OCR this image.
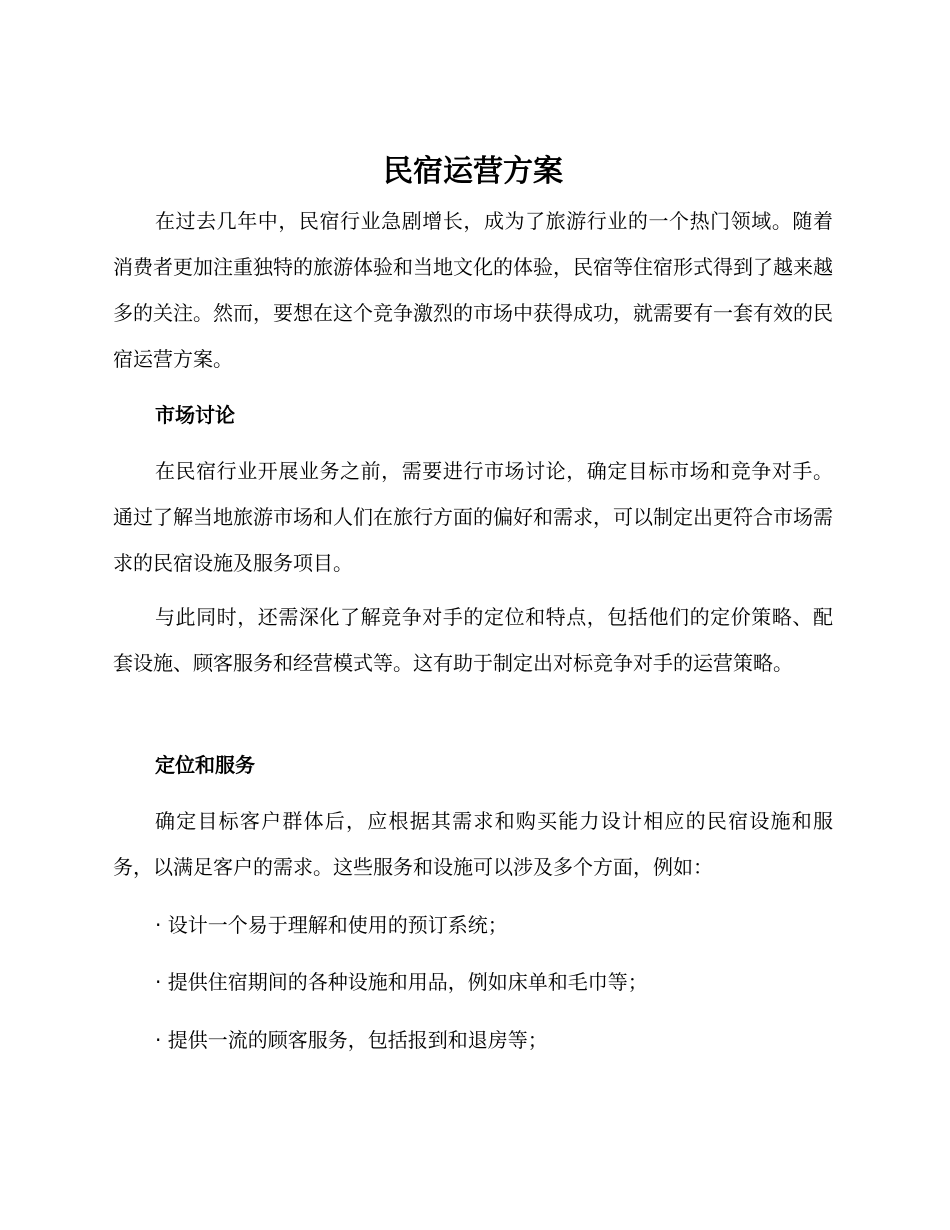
民宿运营方案

在过去几年中，民宿行业急剧增长，成为了旅游行业的一个热门领域。随着消费者更加注重独特的旅游体验和当地文化的体验，民宿等住宿形式得到了越来越多的关注。然而，要想在这个竞争激烈的市场中获得成功，就需要有一套有效的民宿运营方案。

市场讨论

在民宿行业开展业务之前，需要进行市场讨论，确定目标市场和竞争对手。通过了解当地旅游市场和人们在旅行方面的偏好和需求，可以制定出更符合市场需求的民宿设施及服务项目。

与此同时，还需深化了解竞争对手的定位和特点，包括他们的定价策略、配套设施、顾客服务和经营模式等。这有助于制定出对标竞争对手的运营策略。

定位和服务

确定目标客户群体后，应根据其需求和购买能力设计相应的民宿设施和服务，以满足客户的需求。这些服务和设施可以涉及多个方面，例如：

· 设计一个易于理解和使用的预订系统；

· 提供住宿期间的各种设施和用品，例如床单和毛巾等；

· 提供一流的顾客服务，包括报到和退房等；
